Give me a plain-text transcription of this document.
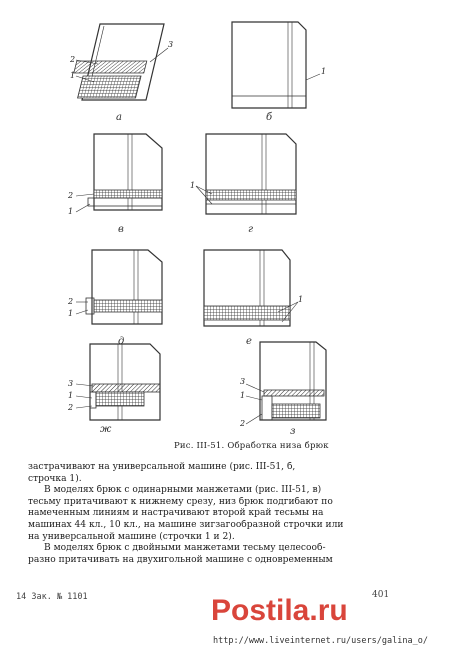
2
1
3
а
1
б
2
1
в
1
г
2
1
д
1
е
3
1
2
ж
3
1
2
з
Рис. III-51. Обработка низа брюк
застрачивают на универсальной машине (рис. III-51, б,
строчка 1).
В моделях брюк с одинарными манжетами (рис. III-51, в)
тесьму притачивают к нижнему срезу, низ брюк подгибают по
намеченным линиям и настрачивают второй край тесьмы на
машинах 44 кл., 10 кл., на машине зигзагообразной строчки или
на универсальной машине (строчки 1 и 2).
В моделях брюк с двойными манжетами тесьму целесооб-
разно притачивать на двухигольной машине с одновременным
14 Зак. № 1101	401
Postila.ru
http://www.liveinternet.ru/users/galina_o/
